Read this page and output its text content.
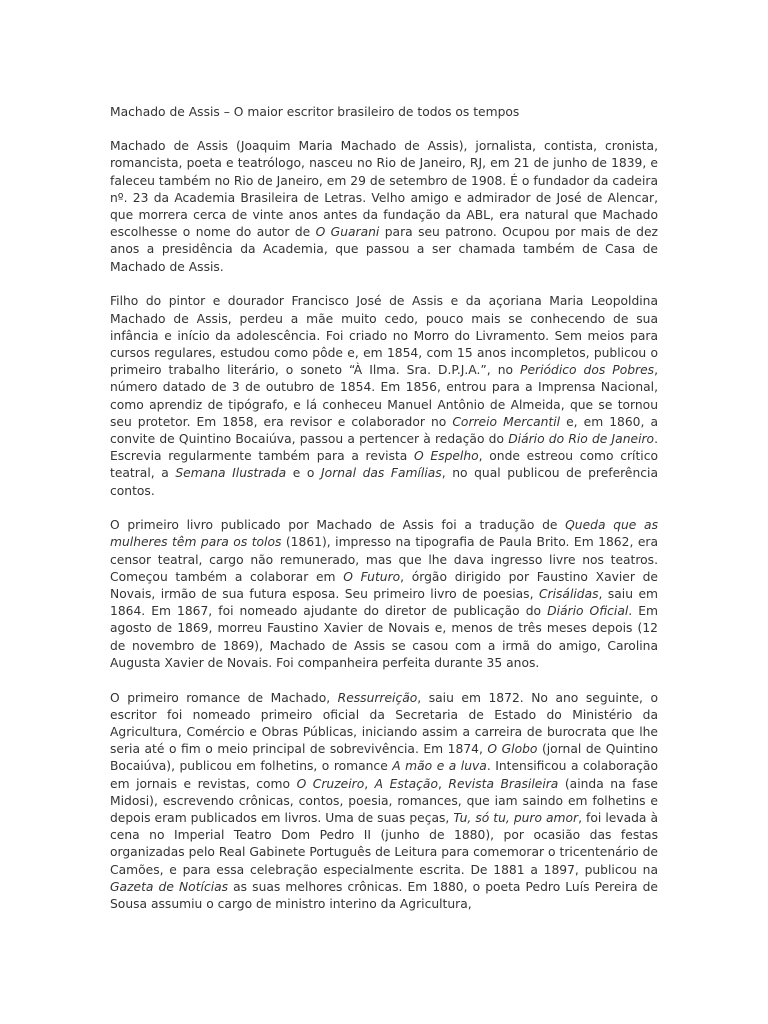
Machado de Assis – O maior escritor brasileiro de todos os tempos

Machado de Assis (Joaquim Maria Machado de Assis), jornalista, contista, cronista, romancista, poeta e teatrólogo, nasceu no Rio de Janeiro, RJ, em 21 de junho de 1839, e faleceu também no Rio de Janeiro, em 29 de setembro de 1908. É o fundador da cadeira nº. 23 da Academia Brasileira de Letras. Velho amigo e admirador de José de Alencar, que morrera cerca de vinte anos antes da fundação da ABL, era natural que Machado escolhesse o nome do autor de O Guarani para seu patrono. Ocupou por mais de dez anos a presidência da Academia, que passou a ser chamada também de Casa de Machado de Assis.

Filho do pintor e dourador Francisco José de Assis e da açoriana Maria Leopoldina Machado de Assis, perdeu a mãe muito cedo, pouco mais se conhecendo de sua infância e início da adolescência. Foi criado no Morro do Livramento. Sem meios para cursos regulares, estudou como pôde e, em 1854, com 15 anos incompletos, publicou o primeiro trabalho literário, o soneto “À Ilma. Sra. D.P.J.A.”, no Periódico dos Pobres, número datado de 3 de outubro de 1854. Em 1856, entrou para a Imprensa Nacional, como aprendiz de tipógrafo, e lá conheceu Manuel Antônio de Almeida, que se tornou seu protetor. Em 1858, era revisor e colaborador no Correio Mercantil e, em 1860, a convite de Quintino Bocaiúva, passou a pertencer à redação do Diário do Rio de Janeiro. Escrevia regularmente também para a revista O Espelho, onde estreou como crítico teatral, a Semana Ilustrada e o Jornal das Famílias, no qual publicou de preferência contos.

O primeiro livro publicado por Machado de Assis foi a tradução de Queda que as mulheres têm para os tolos (1861), impresso na tipografia de Paula Brito. Em 1862, era censor teatral, cargo não remunerado, mas que lhe dava ingresso livre nos teatros. Começou também a colaborar em O Futuro, órgão dirigido por Faustino Xavier de Novais, irmão de sua futura esposa. Seu primeiro livro de poesias, Crisálidas, saiu em 1864. Em 1867, foi nomeado ajudante do diretor de publicação do Diário Oficial. Em agosto de 1869, morreu Faustino Xavier de Novais e, menos de três meses depois (12 de novembro de 1869), Machado de Assis se casou com a irmã do amigo, Carolina Augusta Xavier de Novais. Foi companheira perfeita durante 35 anos.

O primeiro romance de Machado, Ressurreição, saiu em 1872. No ano seguinte, o escritor foi nomeado primeiro oficial da Secretaria de Estado do Ministério da Agricultura, Comércio e Obras Públicas, iniciando assim a carreira de burocrata que lhe seria até o fim o meio principal de sobrevivência. Em 1874, O Globo (jornal de Quintino Bocaiúva), publicou em folhetins, o romance A mão e a luva. Intensificou a colaboração em jornais e revistas, como O Cruzeiro, A Estação, Revista Brasileira (ainda na fase Midosi), escrevendo crônicas, contos, poesia, romances, que iam saindo em folhetins e depois eram publicados em livros. Uma de suas peças, Tu, só tu, puro amor, foi levada à cena no Imperial Teatro Dom Pedro II (junho de 1880), por ocasião das festas organizadas pelo Real Gabinete Português de Leitura para comemorar o tricentenário de Camões, e para essa celebração especialmente escrita. De 1881 a 1897, publicou na Gazeta de Notícias as suas melhores crônicas. Em 1880, o poeta Pedro Luís Pereira de Sousa assumiu o cargo de ministro interino da Agricultura,
